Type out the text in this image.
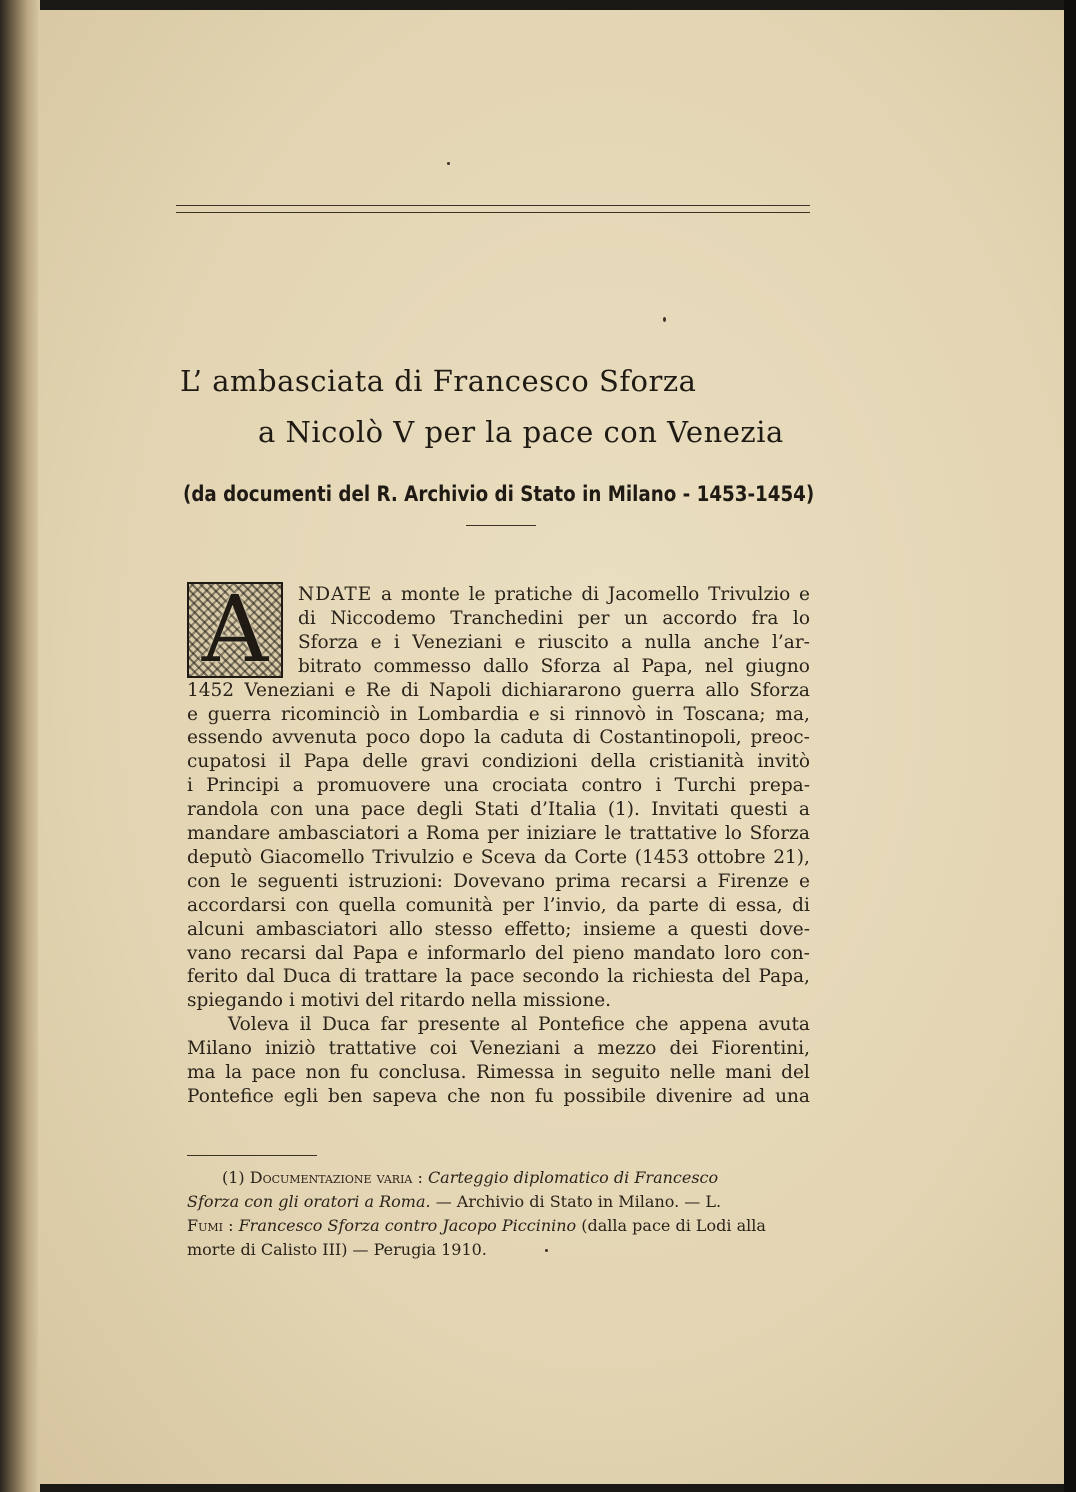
L’ ambasciata di Francesco Sforza
a Nicolò V per la pace con Venezia
(da documenti del R. Archivio di Stato in Milano - 1453-1454)
A	NDATE a monte le pratiche di Jacomello Trivulzio e
di Niccodemo Tranchedini per un accordo fra lo
Sforza e i Veneziani e riuscito a nulla anche l’ar-
bitrato commesso dallo Sforza al Papa, nel giugno
1452 Veneziani e Re di Napoli dichiararono guerra allo Sforza
e guerra ricominciò in Lombardia e si rinnovò in Toscana; ma,
essendo avvenuta poco dopo la caduta di Costantinopoli, preoc-
cupatosi il Papa delle gravi condizioni della cristianità invitò
i Principi a promuovere una crociata contro i Turchi prepa-
randola con una pace degli Stati d’Italia (1). Invitati questi a
mandare ambasciatori a Roma per iniziare le trattative lo Sforza
deputò Giacomello Trivulzio e Sceva da Corte (1453 ottobre 21),
con le seguenti istruzioni: Dovevano prima recarsi a Firenze e
accordarsi con quella comunità per l’invio, da parte di essa, di
alcuni ambasciatori allo stesso effetto; insieme a questi dove-
vano recarsi dal Papa e informarlo del pieno mandato loro con-
ferito dal Duca di trattare la pace secondo la richiesta del Papa,
spiegando i motivi del ritardo nella missione.
Voleva il Duca far presente al Pontefice che appena avuta
Milano iniziò trattative coi Veneziani a mezzo dei Fiorentini,
ma la pace non fu conclusa. Rimessa in seguito nelle mani del
Pontefice egli ben sapeva che non fu possibile divenire ad una
(1) Documentazione varia : Carteggio diplomatico di Francesco
Sforza con gli oratori a Roma. — Archivio di Stato in Milano. — L.
Fumi : Francesco Sforza contro Jacopo Piccinino (dalla pace di Lodi alla
morte di Calisto III) — Perugia 1910.
